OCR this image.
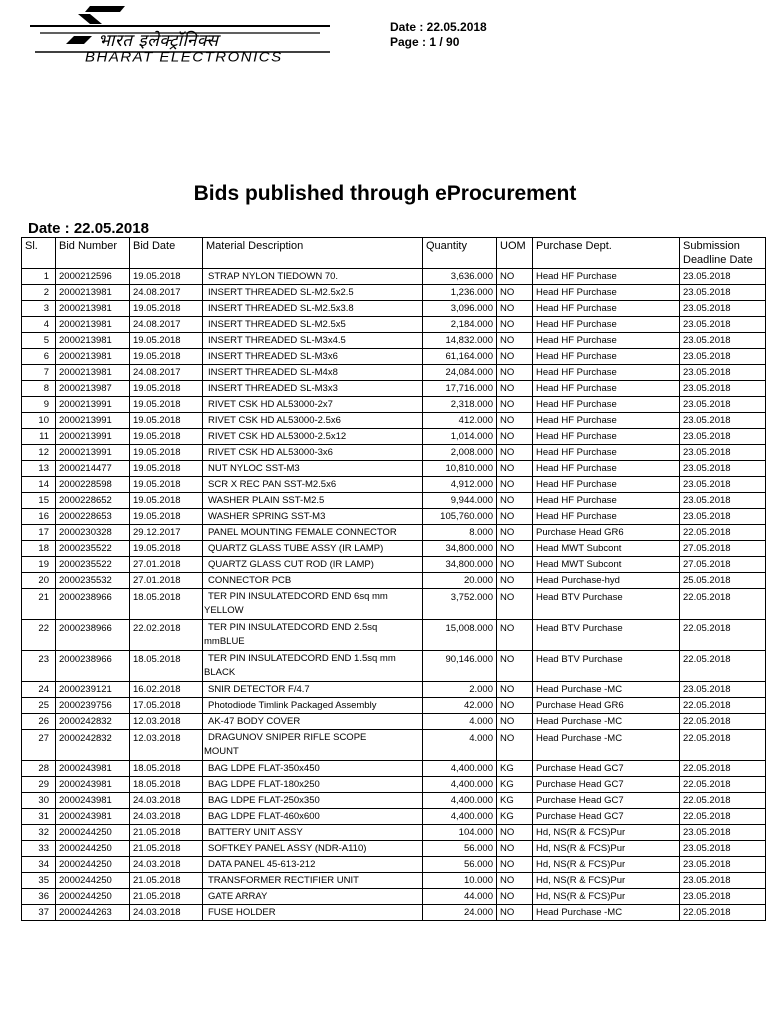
भारत इलेक्ट्रॉनिक्स
BHARAT ELECTRONICS
Date : 22.05.2018
Page : 1 / 90
Bids published through eProcurement
Date : 22.05.2018
Sl.	Bid Number	Bid Date	Material Description	Quantity	UOM	Purchase Dept.	Submission Deadline Date
1	2000212596	19.05.2018	STRAP NYLON TIEDOWN 70.	3,636.000	NO	Head HF Purchase	23.05.2018
2	2000213981	24.08.2017	INSERT THREADED SL-M2.5x2.5	1,236.000	NO	Head HF Purchase	23.05.2018
3	2000213981	19.05.2018	INSERT THREADED SL-M2.5x3.8	3,096.000	NO	Head HF Purchase	23.05.2018
4	2000213981	24.08.2017	INSERT THREADED SL-M2.5x5	2,184.000	NO	Head HF Purchase	23.05.2018
5	2000213981	19.05.2018	INSERT THREADED SL-M3x4.5	14,832.000	NO	Head HF Purchase	23.05.2018
6	2000213981	19.05.2018	INSERT THREADED SL-M3x6	61,164.000	NO	Head HF Purchase	23.05.2018
7	2000213981	24.08.2017	INSERT THREADED SL-M4x8	24,084.000	NO	Head HF Purchase	23.05.2018
8	2000213987	19.05.2018	INSERT THREADED SL-M3x3	17,716.000	NO	Head HF Purchase	23.05.2018
9	2000213991	19.05.2018	RIVET CSK HD AL53000-2x7	2,318.000	NO	Head HF Purchase	23.05.2018
10	2000213991	19.05.2018	RIVET CSK HD AL53000-2.5x6	412.000	NO	Head HF Purchase	23.05.2018
11	2000213991	19.05.2018	RIVET CSK HD AL53000-2.5x12	1,014.000	NO	Head HF Purchase	23.05.2018
12	2000213991	19.05.2018	RIVET CSK HD AL53000-3x6	2,008.000	NO	Head HF Purchase	23.05.2018
13	2000214477	19.05.2018	NUT NYLOC SST-M3	10,810.000	NO	Head HF Purchase	23.05.2018
14	2000228598	19.05.2018	SCR X REC PAN SST-M2.5x6	4,912.000	NO	Head HF Purchase	23.05.2018
15	2000228652	19.05.2018	WASHER PLAIN SST-M2.5	9,944.000	NO	Head HF Purchase	23.05.2018
16	2000228653	19.05.2018	WASHER SPRING SST-M3	105,760.000	NO	Head HF Purchase	23.05.2018
17	2000230328	29.12.2017	PANEL MOUNTING FEMALE CONNECTOR	8.000	NO	Purchase Head GR6	22.05.2018
18	2000235522	19.05.2018	QUARTZ GLASS TUBE ASSY (IR LAMP)	34,800.000	NO	Head MWT Subcont	27.05.2018
19	2000235522	27.01.2018	QUARTZ GLASS CUT ROD (IR LAMP)	34,800.000	NO	Head MWT Subcont	27.05.2018
20	2000235532	27.01.2018	CONNECTOR PCB	20.000	NO	Head Purchase-hyd	25.05.2018
21	2000238966	18.05.2018	TER PIN INSULATEDCORD END 6sq mm
YELLOW	3,752.000	NO	Head BTV Purchase	22.05.2018
22	2000238966	22.02.2018	TER PIN INSULATEDCORD END 2.5sq
mmBLUE	15,008.000	NO	Head BTV Purchase	22.05.2018
23	2000238966	18.05.2018	TER PIN INSULATEDCORD END 1.5sq mm
BLACK	90,146.000	NO	Head BTV Purchase	22.05.2018
24	2000239121	16.02.2018	SNIR DETECTOR F/4.7	2.000	NO	Head Purchase -MC	23.05.2018
25	2000239756	17.05.2018	Photodiode Timlink Packaged Assembly	42.000	NO	Purchase Head GR6	22.05.2018
26	2000242832	12.03.2018	AK-47 BODY COVER	4.000	NO	Head Purchase -MC	22.05.2018
27	2000242832	12.03.2018	DRAGUNOV SNIPER RIFLE SCOPE
MOUNT	4.000	NO	Head Purchase -MC	22.05.2018
28	2000243981	18.05.2018	BAG LDPE FLAT-350x450	4,400.000	KG	Purchase Head GC7	22.05.2018
29	2000243981	18.05.2018	BAG LDPE FLAT-180x250	4,400.000	KG	Purchase Head GC7	22.05.2018
30	2000243981	24.03.2018	BAG LDPE FLAT-250x350	4,400.000	KG	Purchase Head GC7	22.05.2018
31	2000243981	24.03.2018	BAG LDPE FLAT-460x600	4,400.000	KG	Purchase Head GC7	22.05.2018
32	2000244250	21.05.2018	BATTERY UNIT ASSY	104.000	NO	Hd, NS(R & FCS)Pur	23.05.2018
33	2000244250	21.05.2018	SOFTKEY PANEL ASSY (NDR-A110)	56.000	NO	Hd, NS(R & FCS)Pur	23.05.2018
34	2000244250	24.03.2018	DATA PANEL 45-613-212	56.000	NO	Hd, NS(R & FCS)Pur	23.05.2018
35	2000244250	21.05.2018	TRANSFORMER RECTIFIER UNIT	10.000	NO	Hd, NS(R & FCS)Pur	23.05.2018
36	2000244250	21.05.2018	GATE ARRAY	44.000	NO	Hd, NS(R & FCS)Pur	23.05.2018
37	2000244263	24.03.2018	FUSE HOLDER	24.000	NO	Head Purchase -MC	22.05.2018
